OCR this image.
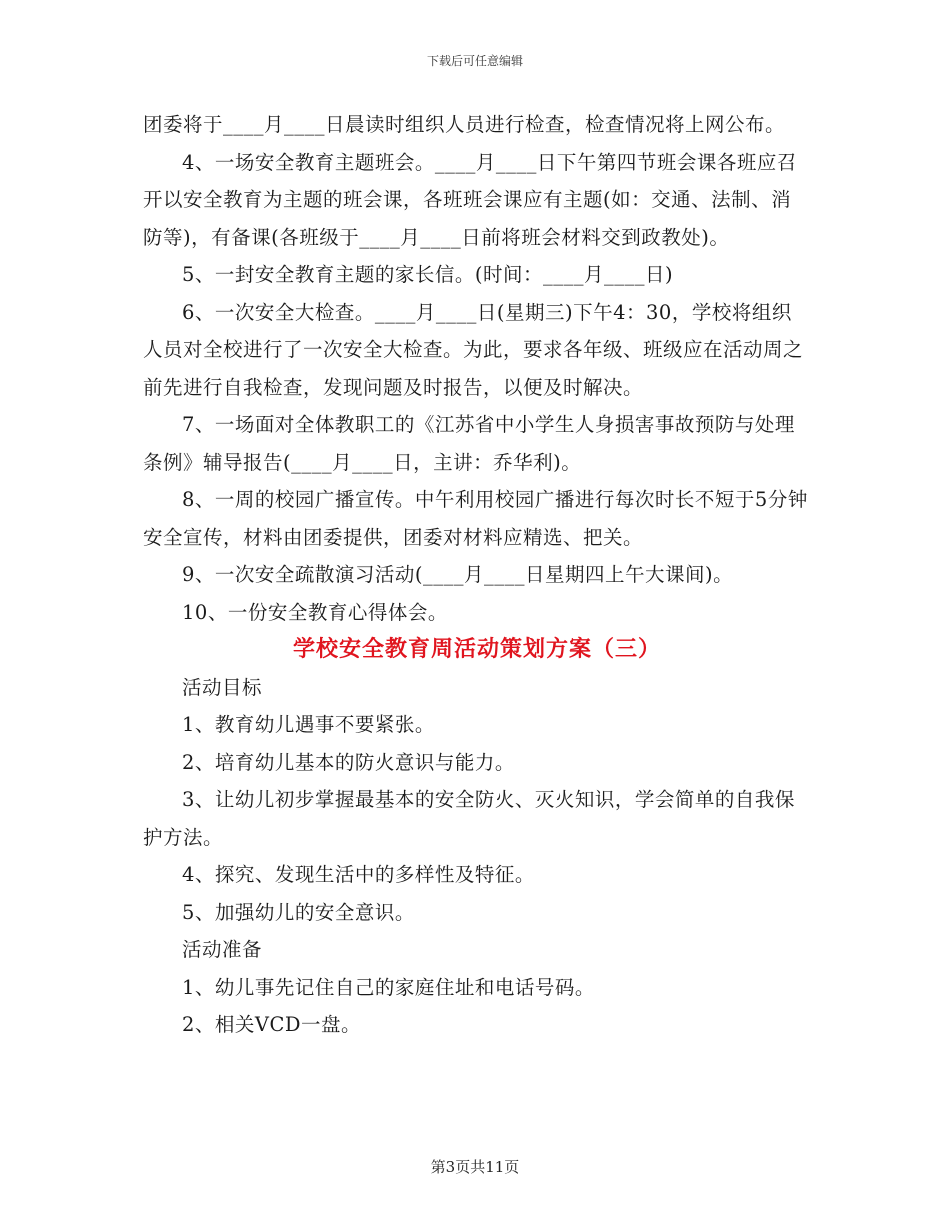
下载后可任意编辑

团委将于____月____日晨读时组织人员进行检查，检查情况将上网公布。

4、一场安全教育主题班会。____月____日下午第四节班会课各班应召开以安全教育为主题的班会课，各班班会课应有主题(如：交通、法制、消防等)，有备课(各班级于____月____日前将班会材料交到政教处)。

5、一封安全教育主题的家长信。(时间：____月____日)

6、一次安全大检查。____月____日(星期三)下午4：30，学校将组织人员对全校进行了一次安全大检查。为此，要求各年级、班级应在活动周之前先进行自我检查，发现问题及时报告，以便及时解决。

7、一场面对全体教职工的《江苏省中小学生人身损害事故预防与处理条例》辅导报告(____月____日，主讲：乔华利)。

8、一周的校园广播宣传。中午利用校园广播进行每次时长不短于5分钟安全宣传，材料由团委提供，团委对材料应精选、把关。

9、一次安全疏散演习活动(____月____日星期四上午大课间)。

10、一份安全教育心得体会。

学校安全教育周活动策划方案（三）

活动目标

1、教育幼儿遇事不要紧张。

2、培育幼儿基本的防火意识与能力。

3、让幼儿初步掌握最基本的安全防火、灭火知识，学会简单的自我保护方法。

4、探究、发现生活中的多样性及特征。

5、加强幼儿的安全意识。

活动准备

1、幼儿事先记住自己的家庭住址和电话号码。

2、相关VCD一盘。

第3页共11页
